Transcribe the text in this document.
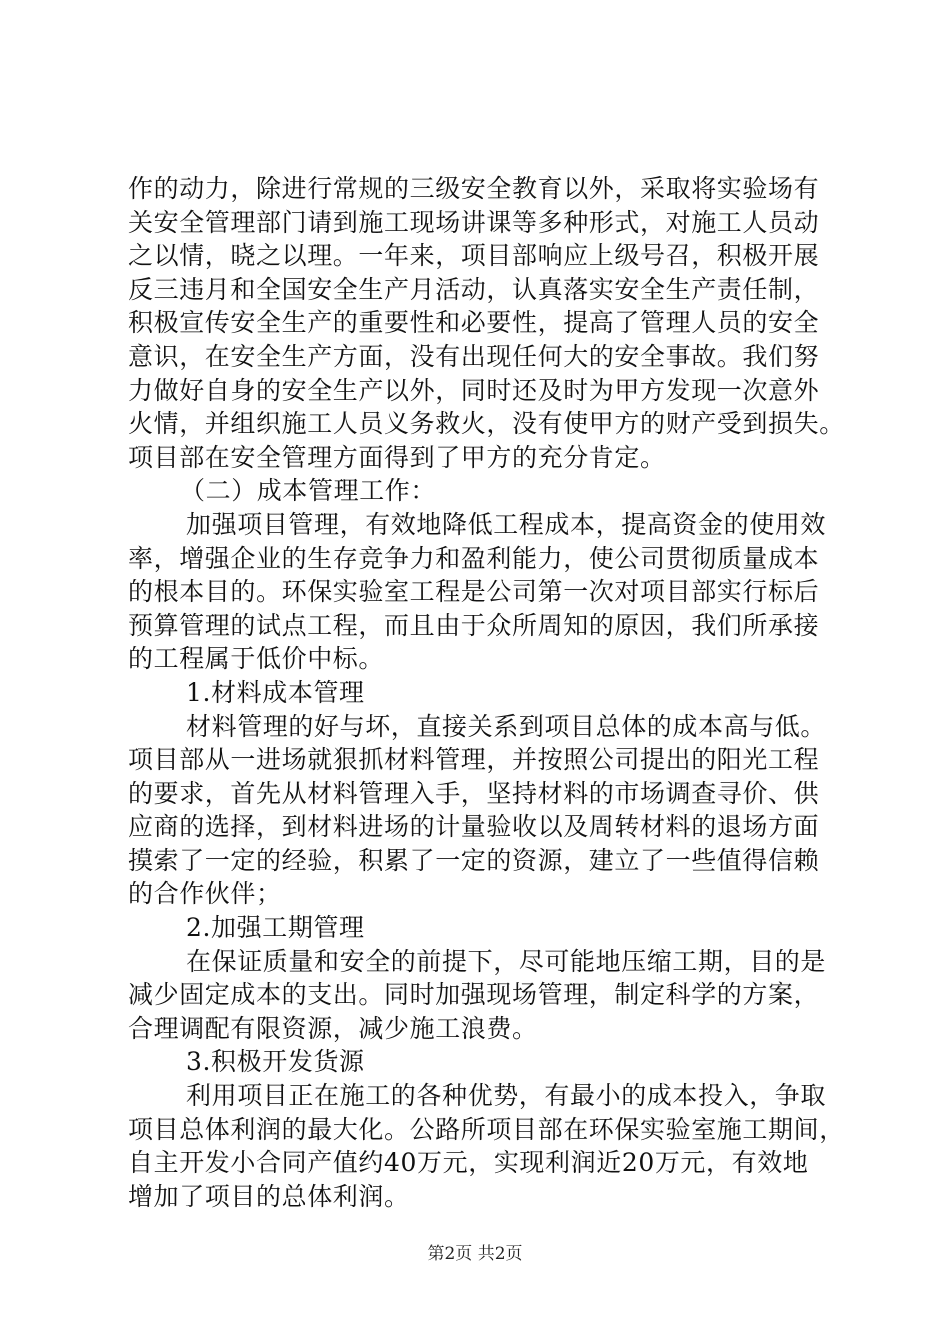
作的动力，除进行常规的三级安全教育以外，采取将实验场有
关安全管理部门请到施工现场讲课等多种形式，对施工人员动
之以情，晓之以理。一年来，项目部响应上级号召，积极开展
反三违月和全国安全生产月活动，认真落实安全生产责任制，
积极宣传安全生产的重要性和必要性，提高了管理人员的安全
意识，在安全生产方面，没有出现任何大的安全事故。我们努
力做好自身的安全生产以外，同时还及时为甲方发现一次意外
火情，并组织施工人员义务救火，没有使甲方的财产受到损失。
项目部在安全管理方面得到了甲方的充分肯定。
（二）成本管理工作：
加强项目管理，有效地降低工程成本，提高资金的使用效
率，增强企业的生存竞争力和盈利能力，使公司贯彻质量成本
的根本目的。环保实验室工程是公司第一次对项目部实行标后
预算管理的试点工程，而且由于众所周知的原因，我们所承接
的工程属于低价中标。
1.材料成本管理
材料管理的好与坏，直接关系到项目总体的成本高与低。
项目部从一进场就狠抓材料管理，并按照公司提出的阳光工程
的要求，首先从材料管理入手，坚持材料的市场调查寻价、供
应商的选择，到材料进场的计量验收以及周转材料的退场方面
摸索了一定的经验，积累了一定的资源，建立了一些值得信赖
的合作伙伴；
2.加强工期管理
在保证质量和安全的前提下，尽可能地压缩工期，目的是
减少固定成本的支出。同时加强现场管理，制定科学的方案，
合理调配有限资源，减少施工浪费。
3.积极开发货源
利用项目正在施工的各种优势，有最小的成本投入，争取
项目总体利润的最大化。公路所项目部在环保实验室施工期间，
自主开发小合同产值约40万元，实现利润近20万元，有效地
增加了项目的总体利润。
第2页 共2页
